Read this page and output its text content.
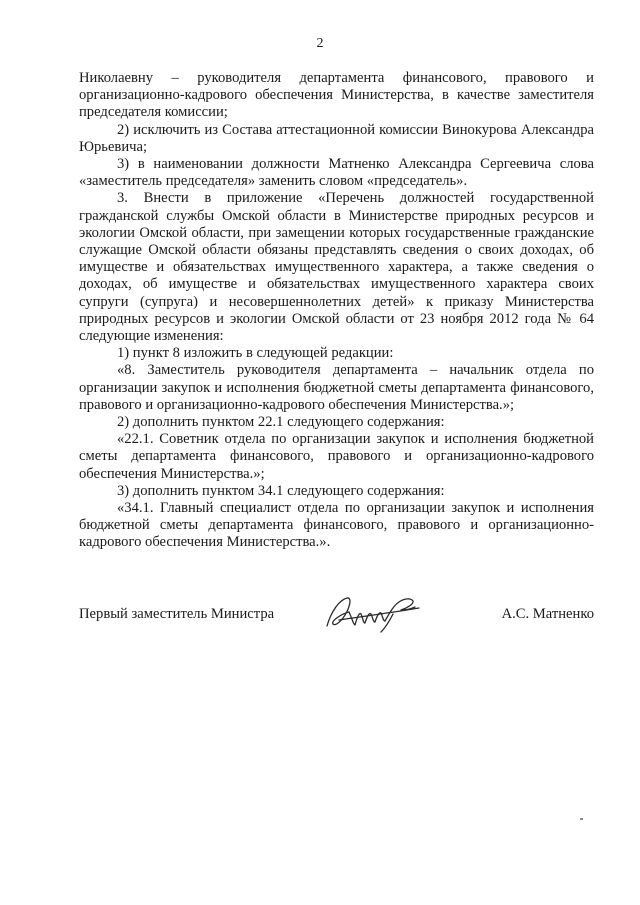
2

Николаевну – руководителя департамента финансового, правового и организационно-кадрового обеспечения Министерства, в качестве заместителя председателя комиссии;

2) исключить из Состава аттестационной комиссии Винокурова Александра Юрьевича;

3) в наименовании должности Матненко Александра Сергеевича слова «заместитель председателя» заменить словом «председатель».

3. Внести в приложение «Перечень должностей государственной гражданской службы Омской области в Министерстве природных ресурсов и экологии Омской области, при замещении которых государственные гражданские служащие Омской области обязаны представлять сведения о своих доходах, об имуществе и обязательствах имущественного характера, а также сведения о доходах, об имуществе и обязательствах имущественного характера своих супруги (супруга) и несовершеннолетних детей» к приказу Министерства природных ресурсов и экологии Омской области от 23 ноября 2012 года № 64 следующие изменения:

1) пункт 8 изложить в следующей редакции:

«8. Заместитель руководителя департамента – начальник отдела по организации закупок и исполнения бюджетной сметы департамента финансового, правового и организационно-кадрового обеспечения Министерства.»;

2) дополнить пунктом 22.1 следующего содержания:

«22.1. Советник отдела по организации закупок и исполнения бюджетной сметы департамента финансового, правового и организационно-кадрового обеспечения Министерства.»;

3) дополнить пунктом 34.1 следующего содержания:

«34.1. Главный специалист отдела по организации закупок и исполнения бюджетной сметы департамента финансового, правового и организационно-кадрового обеспечения Министерства.».

Первый заместитель Министра	А.С. Матненко
